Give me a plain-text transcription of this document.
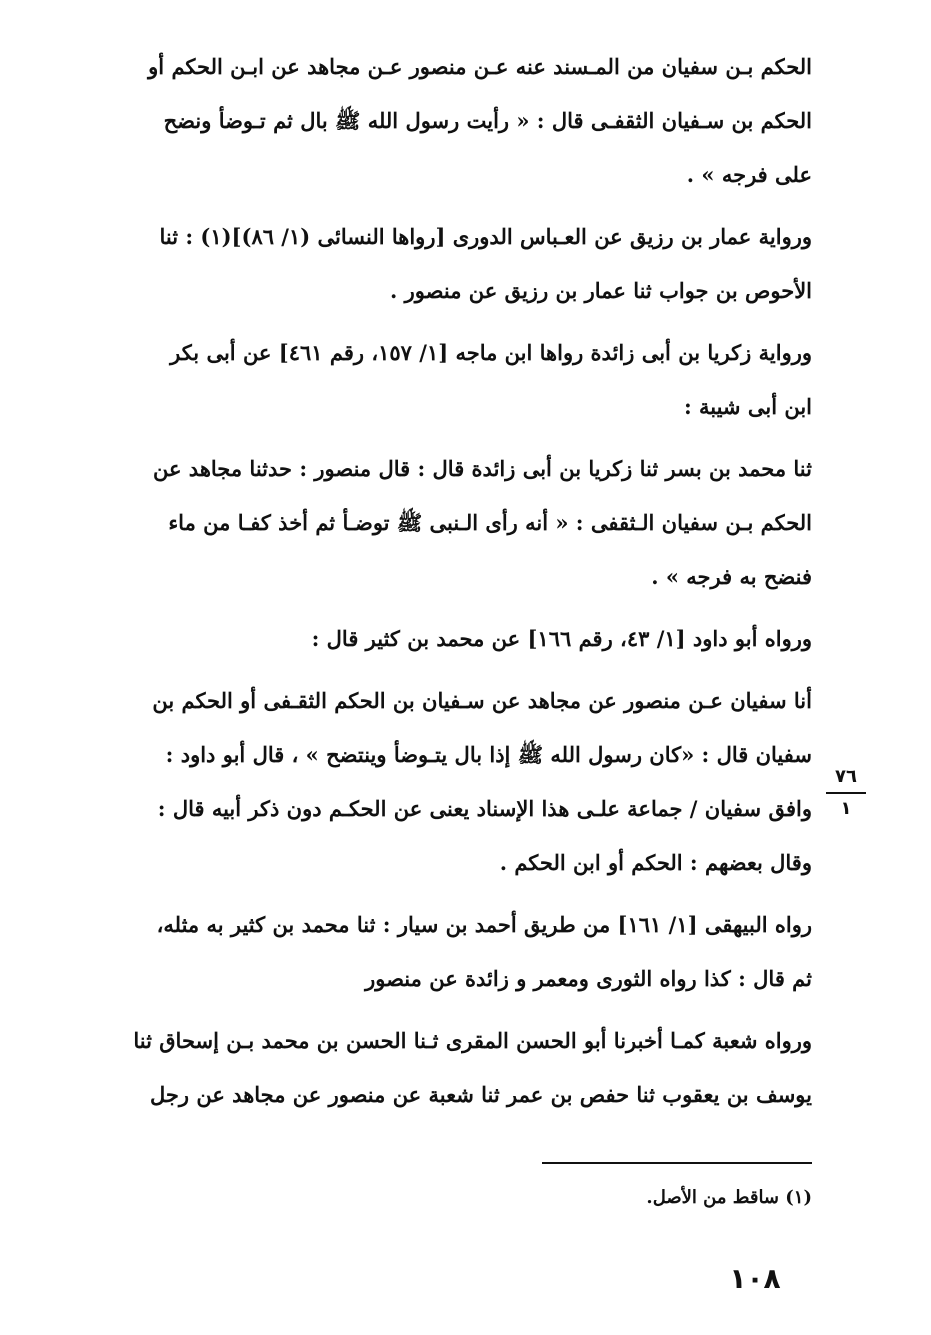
الحكم بـن سفيان من المـسند عنه عـن منصور عـن مجاهد عن ابـن الحكم أو
الحكم بن سـفيان الثقفـى قال : « رأيت رسول الله ﷺ بال ثم تـوضأ ونضح
على فرجه » .
ورواية عمار بن رزيق عن العـباس الدورى [رواها النسائى (١/ ٨٦)](١) : ثنا
الأحوص بن جواب ثنا عمار بن رزيق عن منصور .
ورواية زكريا بن أبى زائدة رواها ابن ماجه [١/ ١٥٧، رقم ٤٦١] عن أبى بكر
ابن أبى شيبة :
ثنا محمد بن بسر ثنا زكريا بن أبى زائدة قال : قال منصور : حدثنا مجاهد عن
الحكم بـن سفيان الـثقفى : « أنه رأى الـنبى ﷺ توضـأ ثم أخذ كفـا من ماء
فنضح به فرجه » .
ورواه أبو داود [١/ ٤٣، رقم ١٦٦] عن محمد بن كثير قال :
أنا سفيان عـن منصور عن مجاهد عن سـفيان بن الحكم الثقـفى أو الحكم بن
سفيان قال : «كان رسول الله ﷺ إذا بال يتـوضأ وينتضح » ، قال أبو داود :
وافق سفيان / جماعة علـى هذا الإسناد يعنى عن الحكـم دون ذكر أبيه قال :
وقال بعضهم : الحكم أو ابن الحكم .
رواه البيهقى [١/ ١٦١] من طريق أحمد بن سيار : ثنا محمد بن كثير به مثله،
ثم قال : كذا رواه الثورى ومعمر و زائدة عن منصور
ورواه شعبة كمـا أخبرنا أبو الحسن المقرى ثـنا الحسن بن محمد بـن إسحاق ثنا
يوسف بن يعقوب ثنا حفص بن عمر ثنا شعبة عن منصور عن مجاهد عن رجل
٧٦
١
(١) ساقط من الأصل.
١٠٨
